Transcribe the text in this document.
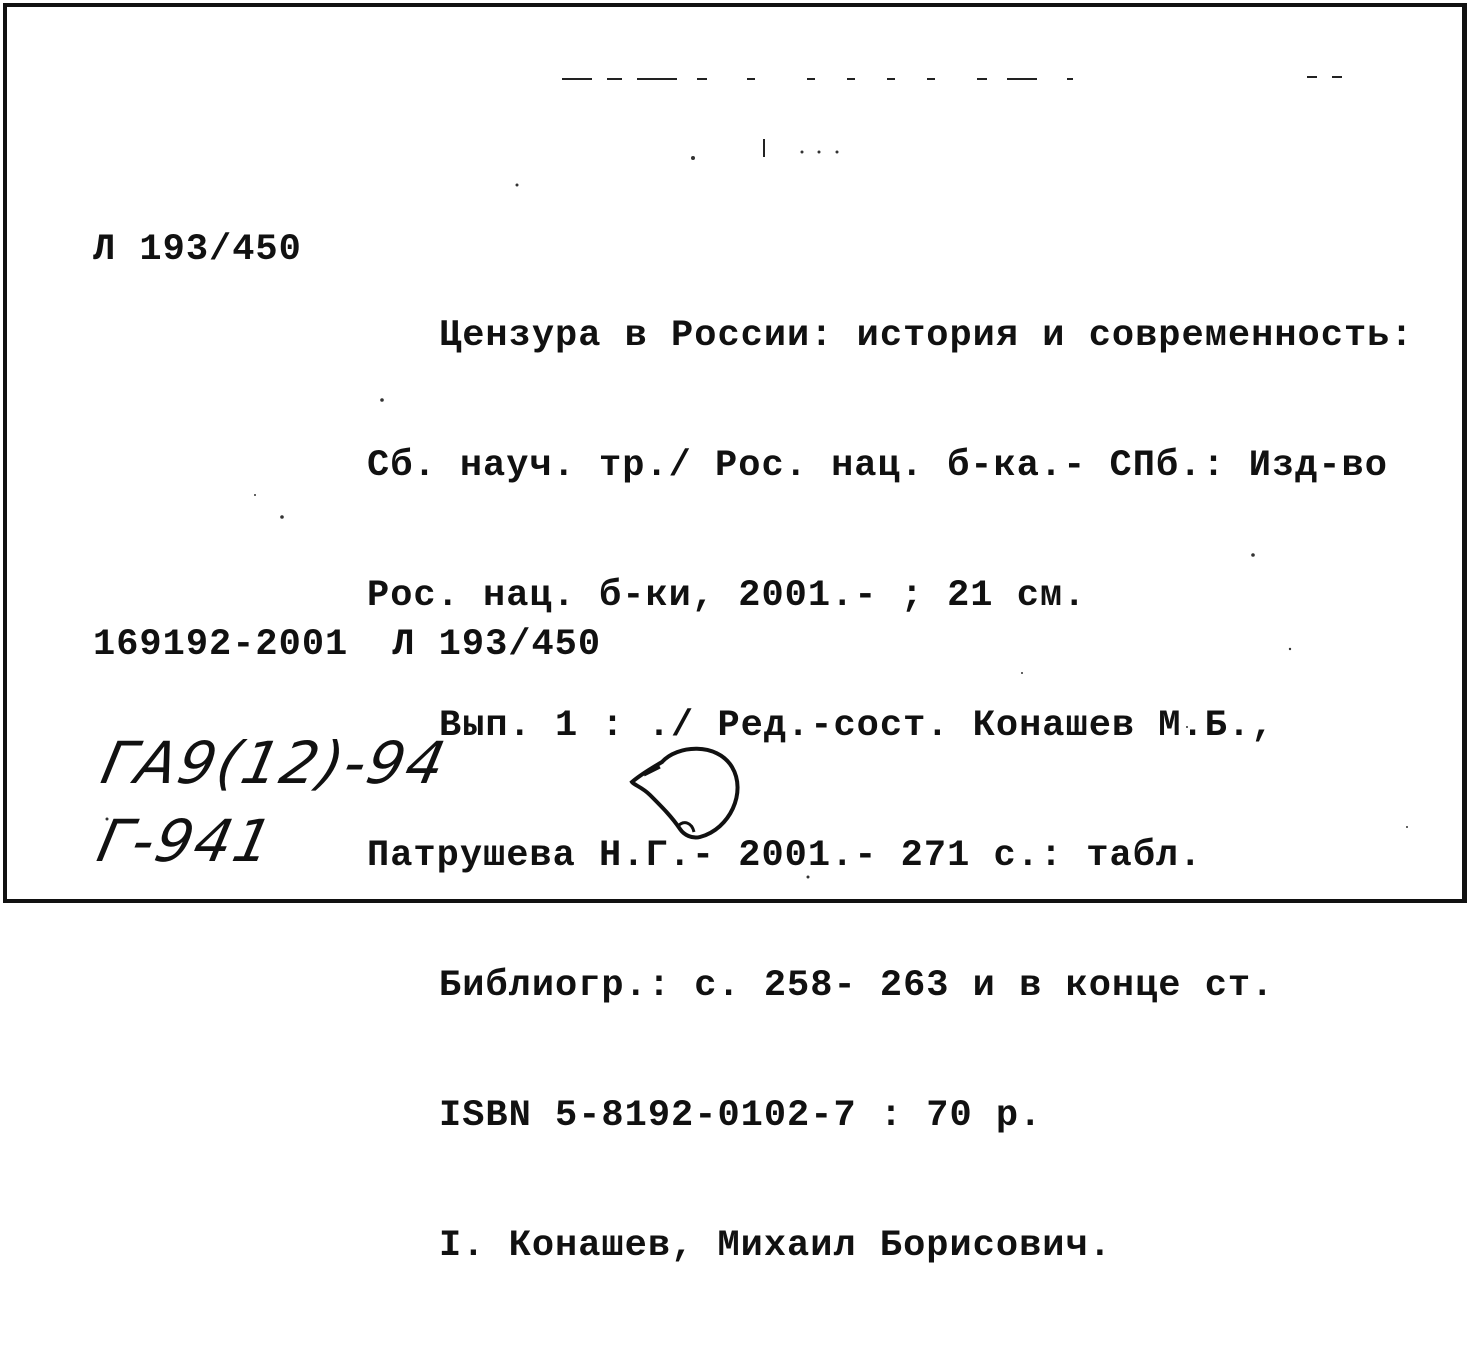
Л 193/450

Цензура в России: история и современность:

Сб. науч. тр./ Рос. нац. б-ка.- СПб.: Изд-во

Рос. нац. б-ки, 2001.- ; 21 см.

Вып. 1 : ./ Ред.-сост. Конашев М.Б.,

Патрушева Н.Г.- 2001.- 271 с.: табл.

Библиогр.: с. 258- 263 и в конце ст.

ISBN 5-8192-0102-7 : 70 р.

I. Конашев, Михаил Борисович.

169192-2001 Л 193/450
ГА9(12)-94
Г-941
